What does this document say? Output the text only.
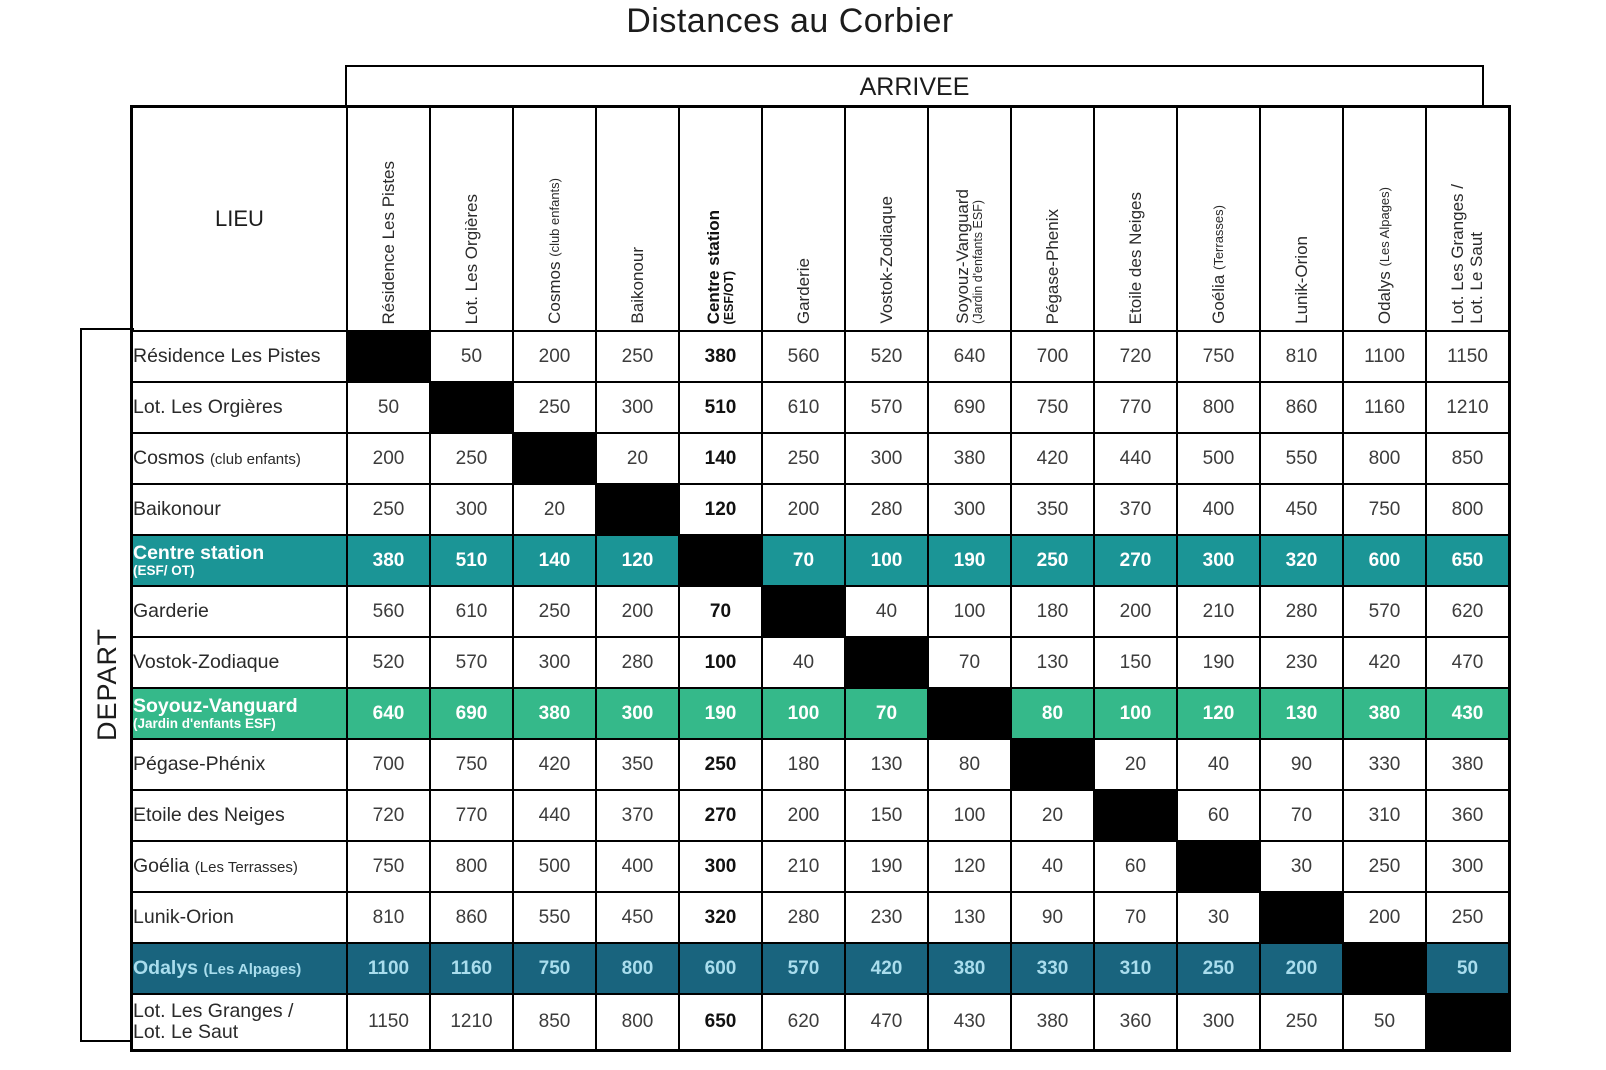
Distances au Corbier
ARRIVEE
DEPART
LIEU	Résidence Les Pistes	Lot. Les Orgières	Cosmos (club enfants)	Baikonour	Centre station (ESF/OT)	Garderie	Vostok-Zodiaque	Soyouz-Vanguard (Jardin d'enfants ESF)	Pégase-Phenix	Etoile des Neiges	Goélia (Terrasses)	Lunik-Orion	Odalys (Les Alpages)	Lot. Les Granges / Lot. Le Saut

Résidence Les Pistes		50	200	250	380	560	520	640	700	720	750	810	1100	1150
Lot. Les Orgières	50		250	300	510	610	570	690	750	770	800	860	1160	1210
Cosmos (club enfants)	200	250		20	140	250	300	380	420	440	500	550	800	850
Baikonour	250	300	20		120	200	280	300	350	370	400	450	750	800
Centre station
(ESF/ OT)	380	510	140	120		70	100	190	250	270	300	320	600	650
Garderie	560	610	250	200	70		40	100	180	200	210	280	570	620
Vostok-Zodiaque	520	570	300	280	100	40		70	130	150	190	230	420	470
Soyouz-Vanguard
(Jardin d'enfants ESF)	640	690	380	300	190	100	70		80	100	120	130	380	430
Pégase-Phénix	700	750	420	350	250	180	130	80		20	40	90	330	380
Etoile des Neiges	720	770	440	370	270	200	150	100	20		60	70	310	360
Goélia (Les Terrasses)	750	800	500	400	300	210	190	120	40	60		30	250	300
Lunik-Orion	810	860	550	450	320	280	230	130	90	70	30		200	250
Odalys (Les Alpages)	1100	1160	750	800	600	570	420	380	330	310	250	200		50
Lot. Les Granges /
Lot. Le Saut	1150	1210	850	800	650	620	470	430	380	360	300	250	50	
